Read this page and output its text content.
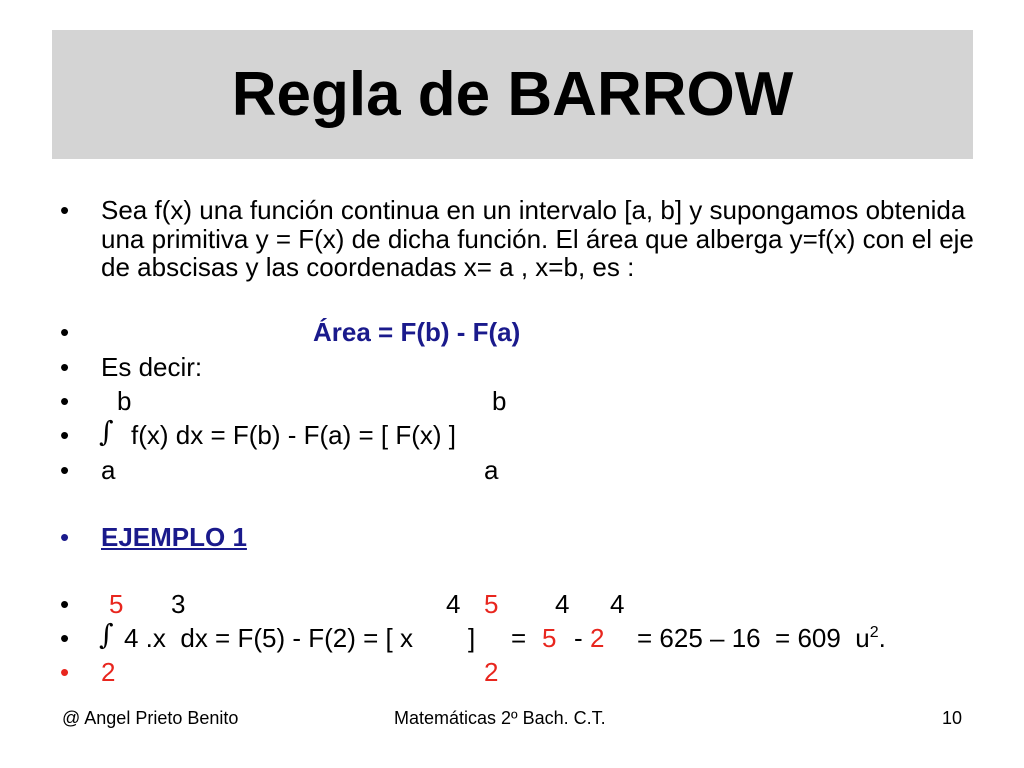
Regla de BARROW
• Sea f(x) una función continua en un intervalo [a, b] y supongamos obtenida una primitiva y = F(x) de dicha función. El área que alberga y=f(x) con el eje de abscisas y las coordenadas x= a , x=b, es :
•	Área = F(b) - F(a)
• Es decir:
• b	b
• ∫ f(x) dx = F(b) - F(a) = [ F(x) ]
• a	a
• EJEMPLO 1
• 5 3	4 5 4 4
• ∫ 4 .x  dx = F(5) - F(2) = [ x ] = 5 - 2 = 625 – 16  = 609  $u^2$.
• 2	2
@ Angel Prieto Benito	Matemáticas 2º Bach. C.T.	10
